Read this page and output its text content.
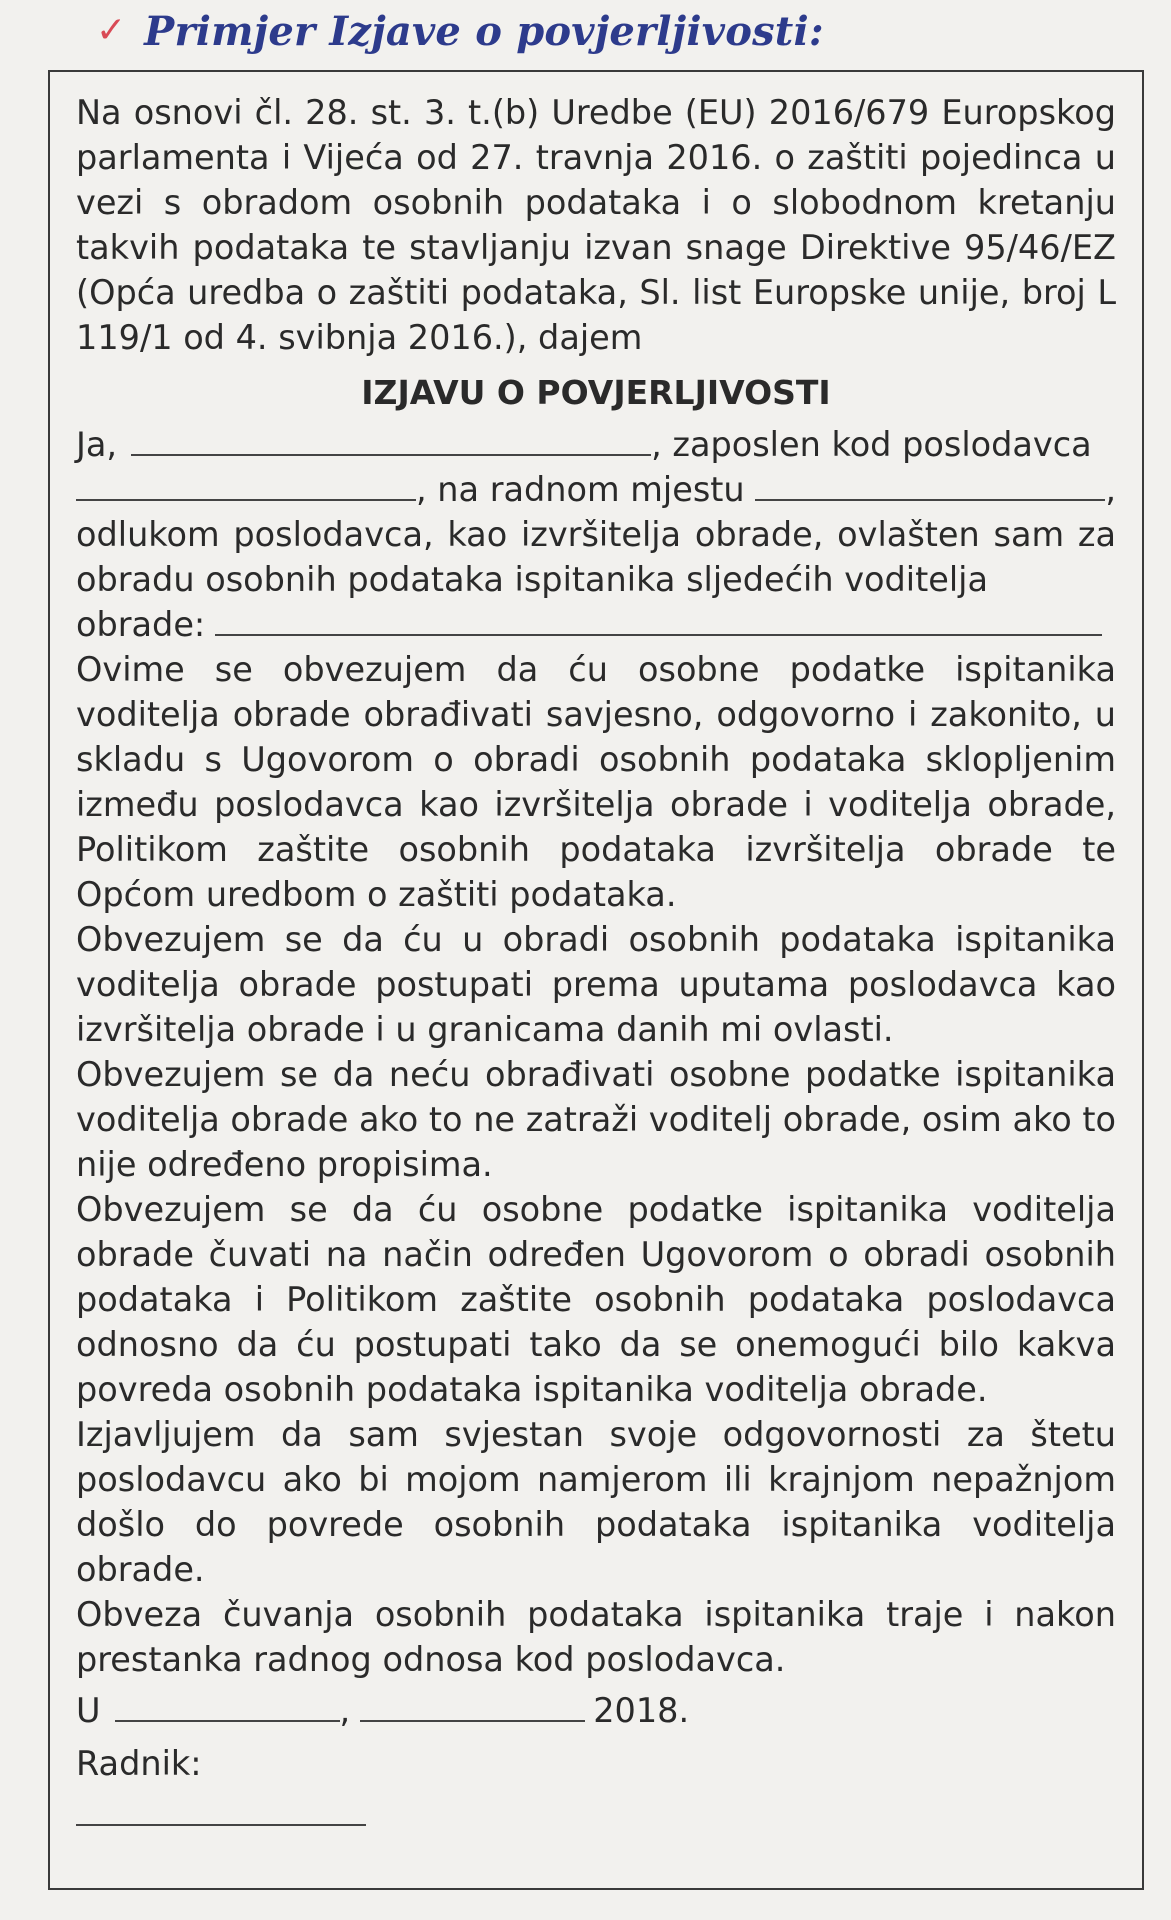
✓ Primjer Izjave o povjerljivosti:

Na osnovi čl. 28. st. 3. t.(b) Uredbe (EU) 2016/679 Europskog parlamenta i Vijeća od 27. travnja 2016. o zaštiti pojedinca u vezi s obradom osobnih podataka i o slobodnom kretanju takvih podataka te stavljanju izvan snage Direktive 95/46/EZ (Opća uredba o zaštiti podataka, Sl. list Europske unije, broj L 119/1 od 4. svibnja 2016.), dajem

IZJAVU O POVJERLJIVOSTI
Ja,	, zaposlen kod poslodavca
, na radnom mjestu	,

odlukom poslodavca, kao izvršitelja obrade, ovlašten sam za obradu osobnih podataka ispitanika sljedećih voditelja

obrade:

Ovime se obvezujem da ću osobne podatke ispitanika voditelja obrade obrađivati savjesno, odgovorno i zakonito, u skladu s Ugovorom o obradi osobnih podataka sklopljenim između poslodavca kao izvršitelja obrade i voditelja obrade, Politikom zaštite osobnih podataka izvršitelja obrade te Općom uredbom o zaštiti podataka.

Obvezujem se da ću u obradi osobnih podataka ispitanika voditelja obrade postupati prema uputama poslodavca kao izvršitelja obrade i u granicama danih mi ovlasti.

Obvezujem se da neću obrađivati osobne podatke ispitanika voditelja obrade ako to ne zatraži voditelj obrade, osim ako to nije određeno propisima.

Obvezujem se da ću osobne podatke ispitanika voditelja obrade čuvati na način određen Ugovorom o obradi osobnih podataka i Politikom zaštite osobnih podataka poslodavca odnosno da ću postupati tako da se onemogući bilo kakva povreda osobnih podataka ispitanika voditelja obrade.

Izjavljujem da sam svjestan svoje odgovornosti za štetu poslodavcu ako bi mojom namjerom ili krajnjom nepažnjom došlo do povrede osobnih podataka ispitanika voditelja obrade.

Obveza čuvanja osobnih podataka ispitanika traje i nakon prestanka radnog odnosa kod poslodavca.

U	,	2018.
Radnik:
